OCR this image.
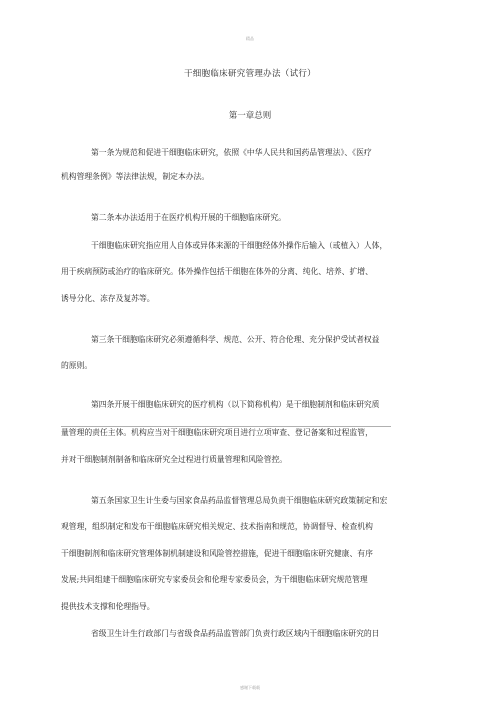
精品
干细胞临床研究管理办法（试行）
第一章总则
第一条为规范和促进干细胞临床研究，依照《中华人民共和国药品管理法》、《医疗
机构管理条例》等法律法规，制定本办法。
第二条本办法适用于在医疗机构开展的干细胞临床研究。
干细胞临床研究指应用人自体或异体来源的干细胞经体外操作后输入（或植入）人体，
用于疾病预防或治疗的临床研究。体外操作包括干细胞在体外的分离、纯化、培养、扩增、
诱导分化、冻存及复苏等。
第三条干细胞临床研究必须遵循科学、规范、公开、符合伦理、充分保护受试者权益
的原则。
第四条开展干细胞临床研究的医疗机构（以下简称机构）是干细胞制剂和临床研究质
量管理的责任主体。机构应当对干细胞临床研究项目进行立项审查、登记备案和过程监管，
并对干细胞制剂制备和临床研究全过程进行质量管理和风险管控。
第五条国家卫生计生委与国家食品药品监督管理总局负责干细胞临床研究政策制定和宏
观管理，组织制定和发布干细胞临床研究相关规定、技术指南和规范，协调督导、检查机构
干细胞制剂和临床研究管理体制机制建设和风险管控措施，促进干细胞临床研究健康、有序
发展;共同组建干细胞临床研究专家委员会和伦理专家委员会，为干细胞临床研究规范管理
提供技术支撑和伦理指导。
省级卫生计生行政部门与省级食品药品监管部门负责行政区域内干细胞临床研究的日
感谢下载载
